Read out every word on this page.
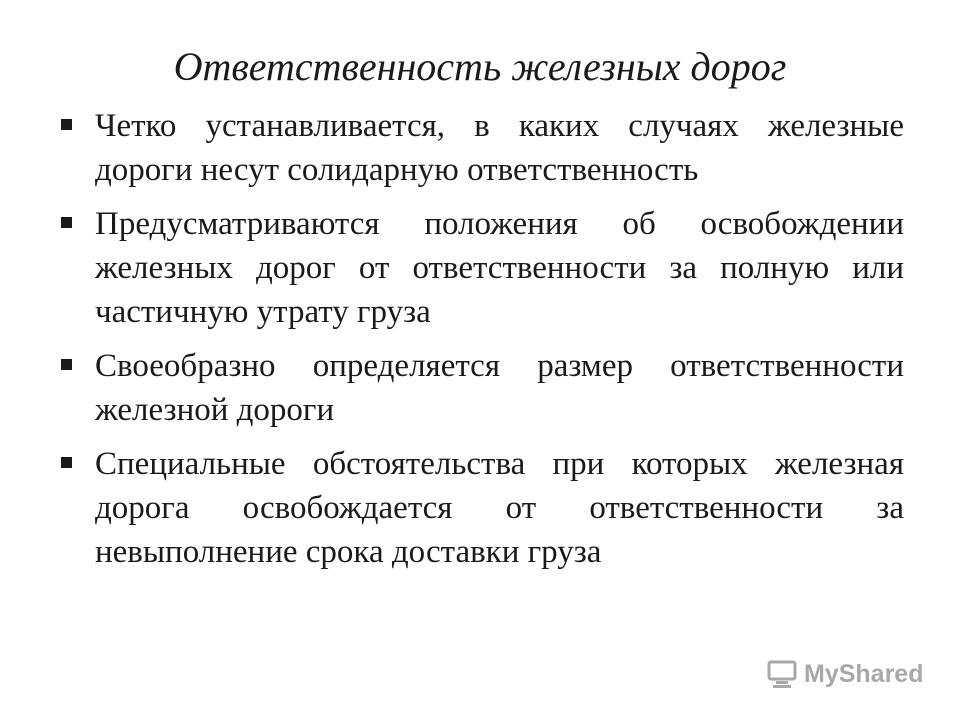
Ответственность железных дорог
Четко устанавливается, в каких случаях железные дороги несут солидарную ответственность
Предусматриваются положения об освобождении железных дорог от ответственности за полную или частичную утрату груза
Своеобразно определяется размер ответственности железной дороги
Специальные обстоятельства при которых железная дорога освобождается от ответственности за невыполнение срока доставки груза
MyShared
